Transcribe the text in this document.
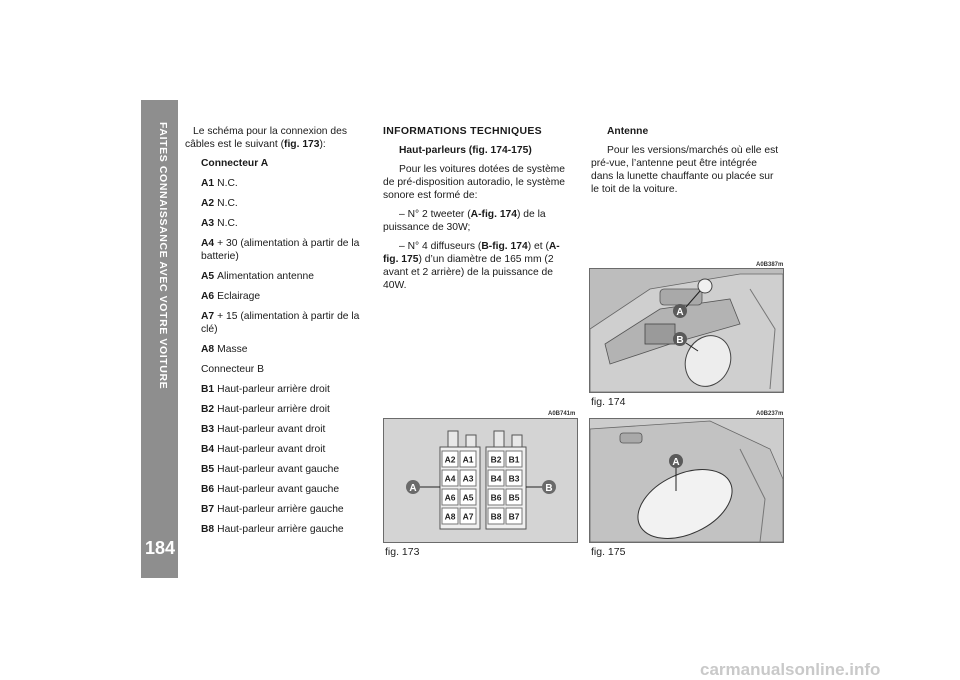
FAITES CONNAISSANCE AVEC VOTRE VOITURE
184

Le schéma pour la connexion des câbles est le suivant (fig. 173):

Connecteur A

A1 N.C.

A2 N.C.

A3 N.C.

A4 + 30 (alimentation à partir de la batterie)

A5 Alimentation antenne

A6 Eclairage

A7 + 15 (alimentation à partir de la clé)

A8 Masse

Connecteur B

B1 Haut-parleur arrière droit

B2 Haut-parleur arrière droit

B3 Haut-parleur avant droit

B4 Haut-parleur avant droit

B5 Haut-parleur avant gauche

B6 Haut-parleur avant gauche

B7 Haut-parleur arrière gauche

B8 Haut-parleur arrière gauche

INFORMATIONS TECHNIQUES

Haut-parleurs (fig. 174-175)

Pour les voitures dotées de système de pré-disposition autoradio, le système sonore est formé de:

– N° 2 tweeter (A-fig. 174) de la puissance de 30W;

– N° 4 diffuseurs (B-fig. 174) et (A-fig. 175) d’un diamètre de 165 mm (2 avant et 2 arrière) de la puissance de 40W.

Antenne

Pour les versions/marchés où elle est pré-vue, l’antenne peut être intégrée dans la lunette chauffante ou placée sur le toit de la voiture.

A0B741m
A2 A1
A4 A3
A6 A5
A8 A7
B2 B1
B4 B3
B6 B5
B8 B7
A	B
fig. 173
A0B387m
A
B
fig. 174
A0B237m
A
fig. 175
carmanualsonline.info
